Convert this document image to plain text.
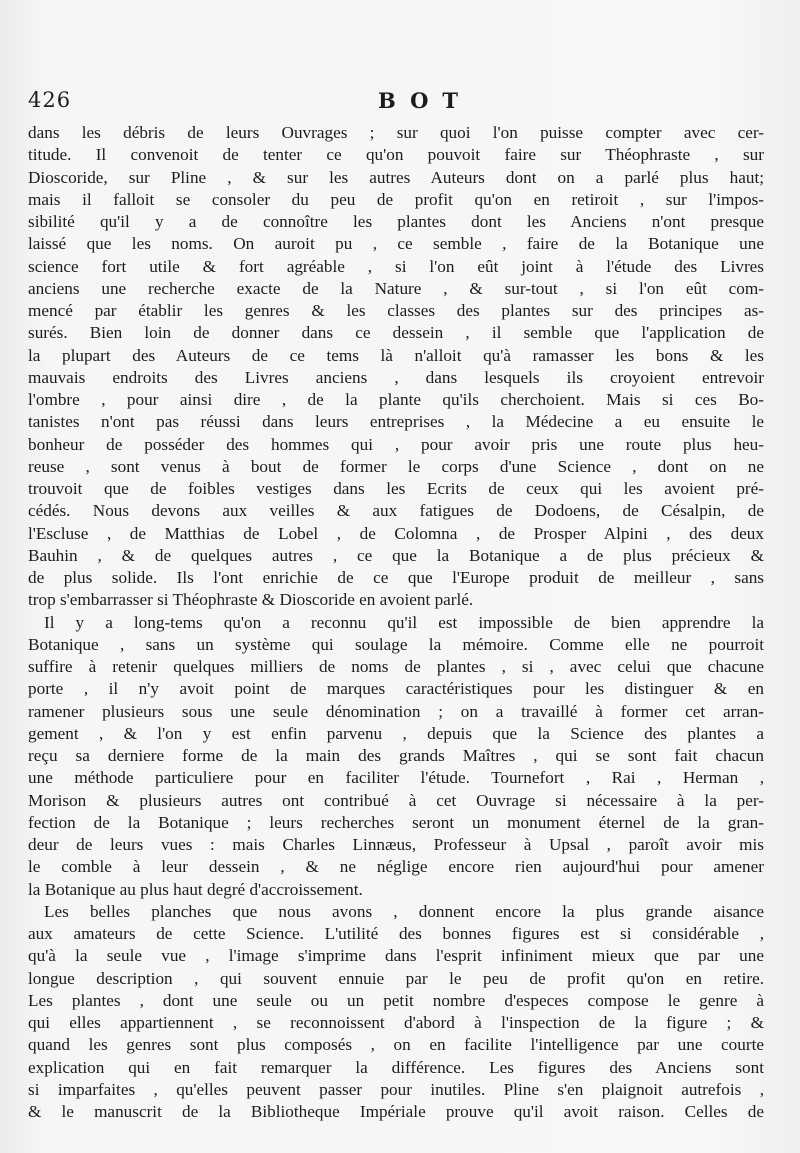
426	BOT
dans les débris de leurs Ouvrages ; sur quoi l'on puisse compter avec cer-
titude. Il convenoit de tenter ce qu'on pouvoit faire sur Théophraste , sur
Dioscoride, sur Pline , & sur les autres Auteurs dont on a parlé plus haut;
mais il falloit se consoler du peu de profit qu'on en retiroit , sur l'impos-
sibilité qu'il y a de connoître les plantes dont les Anciens n'ont presque
laissé que les noms. On auroit pu , ce semble , faire de la Botanique une
science fort utile & fort agréable , si l'on eût joint à l'étude des Livres
anciens une recherche exacte de la Nature , & sur-tout , si l'on eût com-
mencé par établir les genres & les classes des plantes sur des principes as-
surés. Bien loin de donner dans ce dessein , il semble que l'application de
la plupart des Auteurs de ce tems là n'alloit qu'à ramasser les bons & les
mauvais endroits des Livres anciens , dans lesquels ils croyoient entrevoir
l'ombre , pour ainsi dire , de la plante qu'ils cherchoient. Mais si ces Bo-
tanistes n'ont pas réussi dans leurs entreprises , la Médecine a eu ensuite le
bonheur de posséder des hommes qui , pour avoir pris une route plus heu-
reuse , sont venus à bout de former le corps d'une Science , dont on ne
trouvoit que de foibles vestiges dans les Ecrits de ceux qui les avoient pré-
cédés. Nous devons aux veilles & aux fatigues de Dodoens, de Césalpin, de
l'Escluse , de Matthias de Lobel , de Colomna , de Prosper Alpini , des deux
Bauhin , & de quelques autres , ce que la Botanique a de plus précieux &
de plus solide. Ils l'ont enrichie de ce que l'Europe produit de meilleur , sans
trop s'embarrasser si Théophraste & Dioscoride en avoient parlé.
Il y a long-tems qu'on a reconnu qu'il est impossible de bien apprendre la
Botanique , sans un système qui soulage la mémoire. Comme elle ne pourroit
suffire à retenir quelques milliers de noms de plantes , si , avec celui que chacune
porte , il n'y avoit point de marques caractéristiques pour les distinguer & en
ramener plusieurs sous une seule dénomination ; on a travaillé à former cet arran-
gement , & l'on y est enfin parvenu , depuis que la Science des plantes a
reçu sa derniere forme de la main des grands Maîtres , qui se sont fait chacun
une méthode particuliere pour en faciliter l'étude. Tournefort , Rai , Herman ,
Morison & plusieurs autres ont contribué à cet Ouvrage si nécessaire à la per-
fection de la Botanique ; leurs recherches seront un monument éternel de la gran-
deur de leurs vues : mais Charles Linnæus, Professeur à Upsal , paroît avoir mis
le comble à leur dessein , & ne néglige encore rien aujourd'hui pour amener
la Botanique au plus haut degré d'accroissement.
Les belles planches que nous avons , donnent encore la plus grande aisance
aux amateurs de cette Science. L'utilité des bonnes figures est si considérable ,
qu'à la seule vue , l'image s'imprime dans l'esprit infiniment mieux que par une
longue description , qui souvent ennuie par le peu de profit qu'on en retire.
Les plantes , dont une seule ou un petit nombre d'especes compose le genre à
qui elles appartiennent , se reconnoissent d'abord à l'inspection de la figure ; &
quand les genres sont plus composés , on en facilite l'intelligence par une courte
explication qui en fait remarquer la différence. Les figures des Anciens sont
si imparfaites , qu'elles peuvent passer pour inutiles. Pline s'en plaignoit autrefois ,
& le manuscrit de la Bibliotheque Impériale prouve qu'il avoit raison. Celles de
